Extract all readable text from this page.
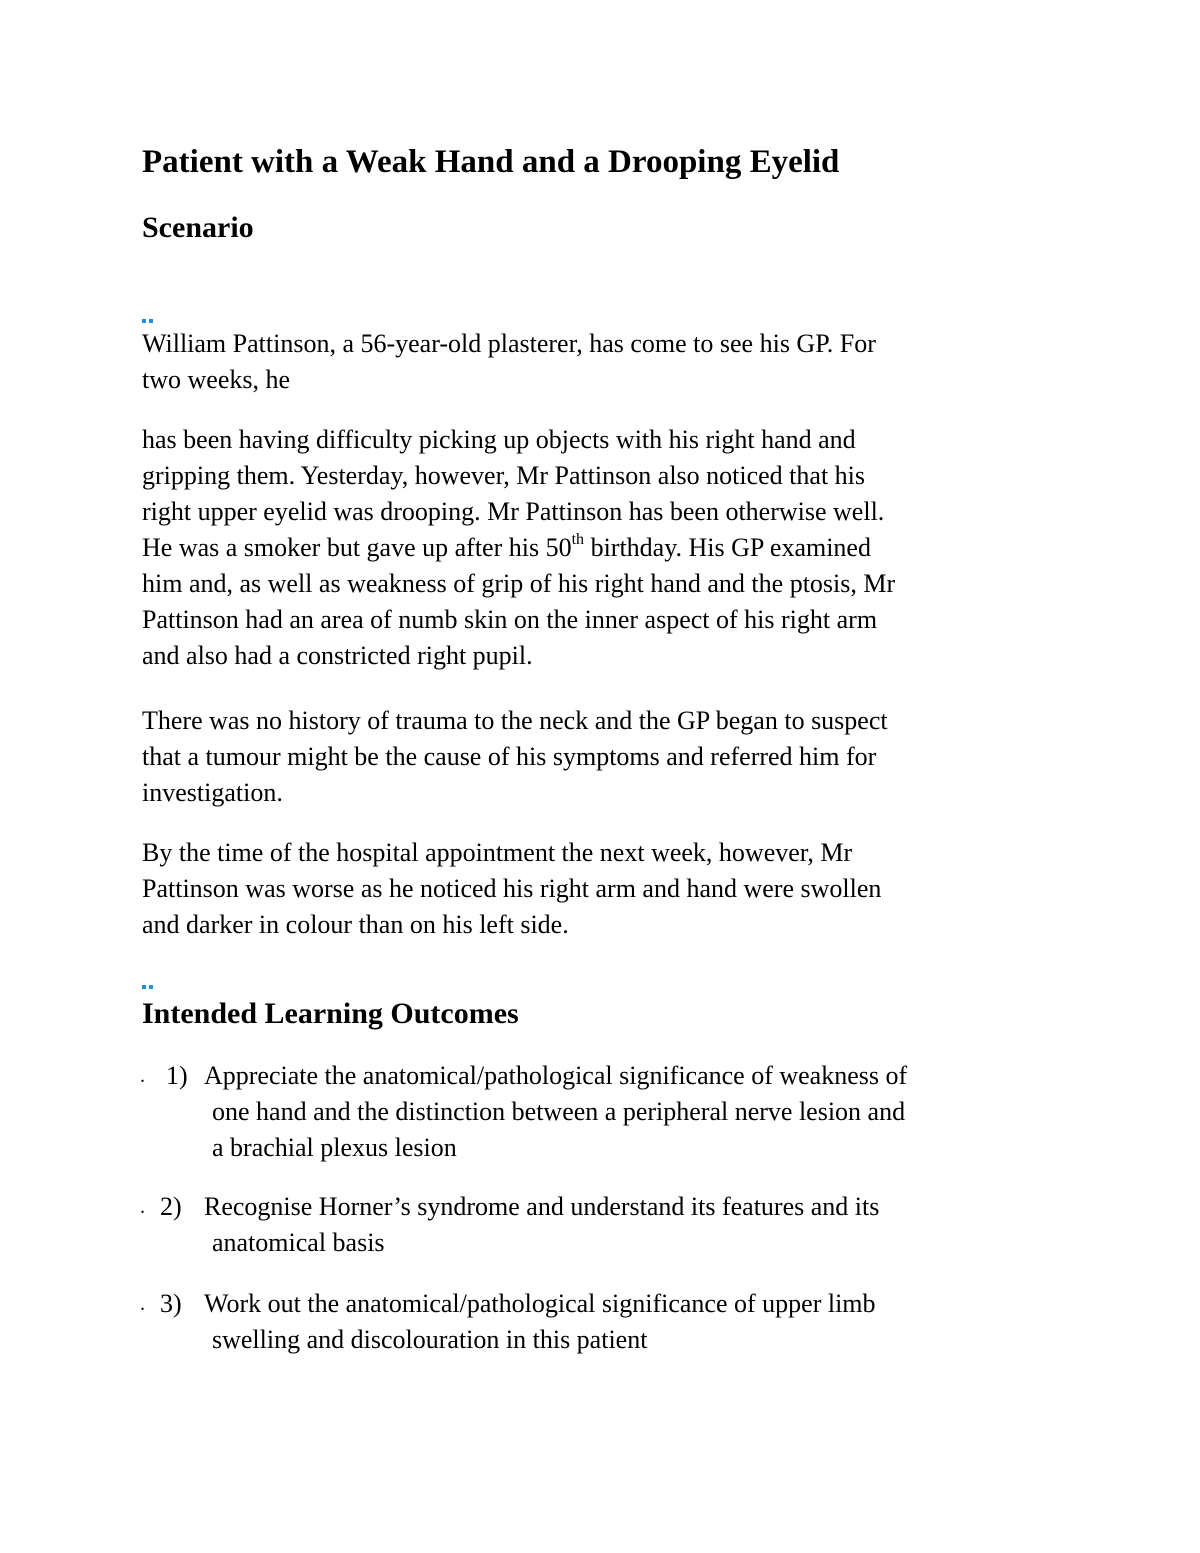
Patient with a Weak Hand and a Drooping Eyelid
Scenario
William Pattinson, a 56-year-old plasterer, has come to see his GP. For
two weeks, he
has been having difficulty picking up objects with his right hand and
gripping them. Yesterday, however, Mr Pattinson also noticed that his
right upper eyelid was drooping. Mr Pattinson has been otherwise well.
He was a smoker but gave up after his 50th birthday. His GP examined
him and, as well as weakness of grip of his right hand and the ptosis, Mr
Pattinson had an area of numb skin on the inner aspect of his right arm
and also had a constricted right pupil.
There was no history of trauma to the neck and the GP began to suspect
that a tumour might be the cause of his symptoms and referred him for
investigation.
By the time of the hospital appointment the next week, however, Mr
Pattinson was worse as he noticed his right arm and hand were swollen
and darker in colour than on his left side.
Intended Learning Outcomes
. 1) Appreciate the anatomical/pathological significance of weakness of
one hand and the distinction between a peripheral nerve lesion and
a brachial plexus lesion
. 2) Recognise Horner’s syndrome and understand its features and its
anatomical basis
. 3) Work out the anatomical/pathological significance of upper limb
swelling and discolouration in this patient
